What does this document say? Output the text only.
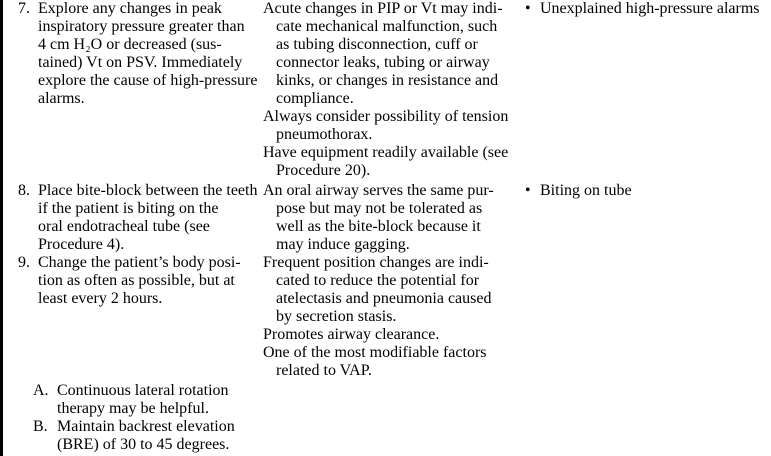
7. Explore any changes in peak
inspiratory pressure greater than
4 cm H₂O or decreased (sus-
tained) Vt on PSV. Immediately
explore the cause of high-pressure
alarms.
Acute changes in PIP or Vt may indi-
cate mechanical malfunction, such
as tubing disconnection, cuff or
connector leaks, tubing or airway
kinks, or changes in resistance and
compliance.
Always consider possibility of tension
pneumothorax.
Have equipment readily available (see
Procedure 20).
• Unexplained high-pressure alarms
8. Place bite-block between the teeth
if the patient is biting on the
oral endotracheal tube (see
Procedure 4).
An oral airway serves the same pur-
pose but may not be tolerated as
well as the bite-block because it
may induce gagging.
• Biting on tube
9. Change the patient’s body posi-
tion as often as possible, but at
least every 2 hours.
Frequent position changes are indi-
cated to reduce the potential for
atelectasis and pneumonia caused
by secretion stasis.
Promotes airway clearance.
One of the most modifiable factors
related to VAP.
A. Continuous lateral rotation
therapy may be helpful.
B. Maintain backrest elevation
(BRE) of 30 to 45 degrees.
